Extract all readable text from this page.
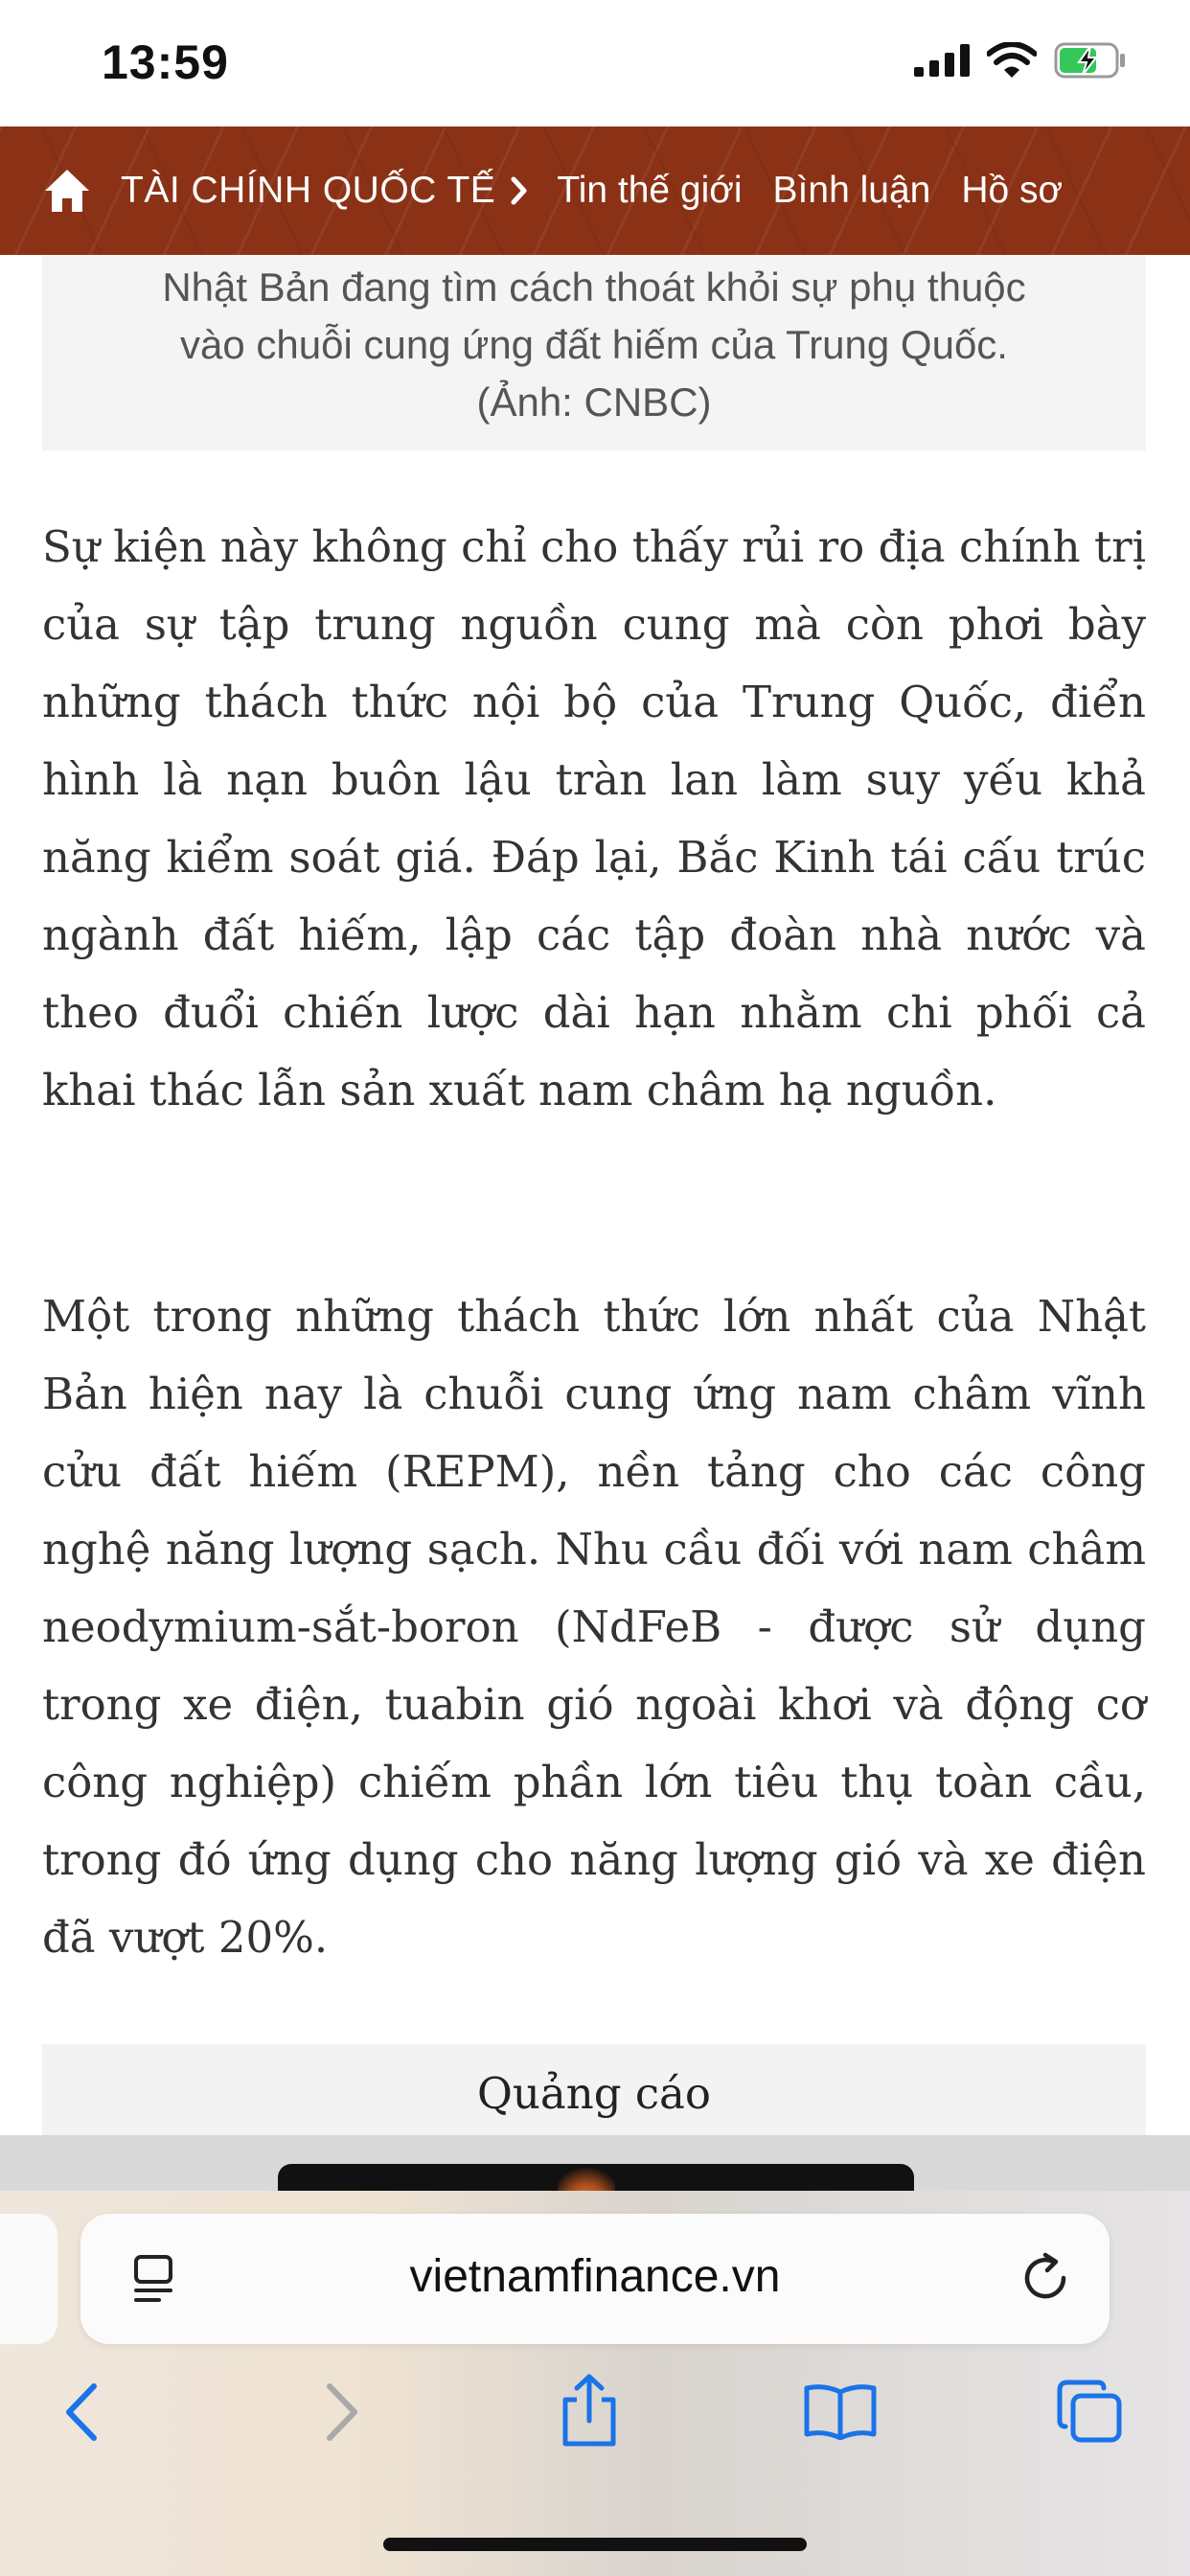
13:59
TÀI CHÍNH QUỐC TẾ Tin thế giới Bình luận Hồ sơ
Nhật Bản đang tìm cách thoát khỏi sự phụ thuộc
vào chuỗi cung ứng đất hiếm của Trung Quốc.
(Ảnh: CNBC)

Sự kiện này không chỉ cho thấy rủi ro địa chính trị của sự tập trung nguồn cung mà còn phơi bày những thách thức nội bộ của Trung Quốc, điển hình là nạn buôn lậu tràn lan làm suy yếu khả năng kiểm soát giá. Đáp lại, Bắc Kinh tái cấu trúc ngành đất hiếm, lập các tập đoàn nhà nước và theo đuổi chiến lược dài hạn nhằm chi phối cả khai thác lẫn sản xuất nam châm hạ nguồn.

Một trong những thách thức lớn nhất của Nhật Bản hiện nay là chuỗi cung ứng nam châm vĩnh cửu đất hiếm (REPM), nền tảng cho các công nghệ năng lượng sạch. Nhu cầu đối với nam châm neodymium-sắt-boron (NdFeB - được sử dụng trong xe điện, tuabin gió ngoài khơi và động cơ công nghiệp) chiếm phần lớn tiêu thụ toàn cầu, trong đó ứng dụng cho năng lượng gió và xe điện đã vượt 20%.

Quảng cáo
vietnamfinance.vn
